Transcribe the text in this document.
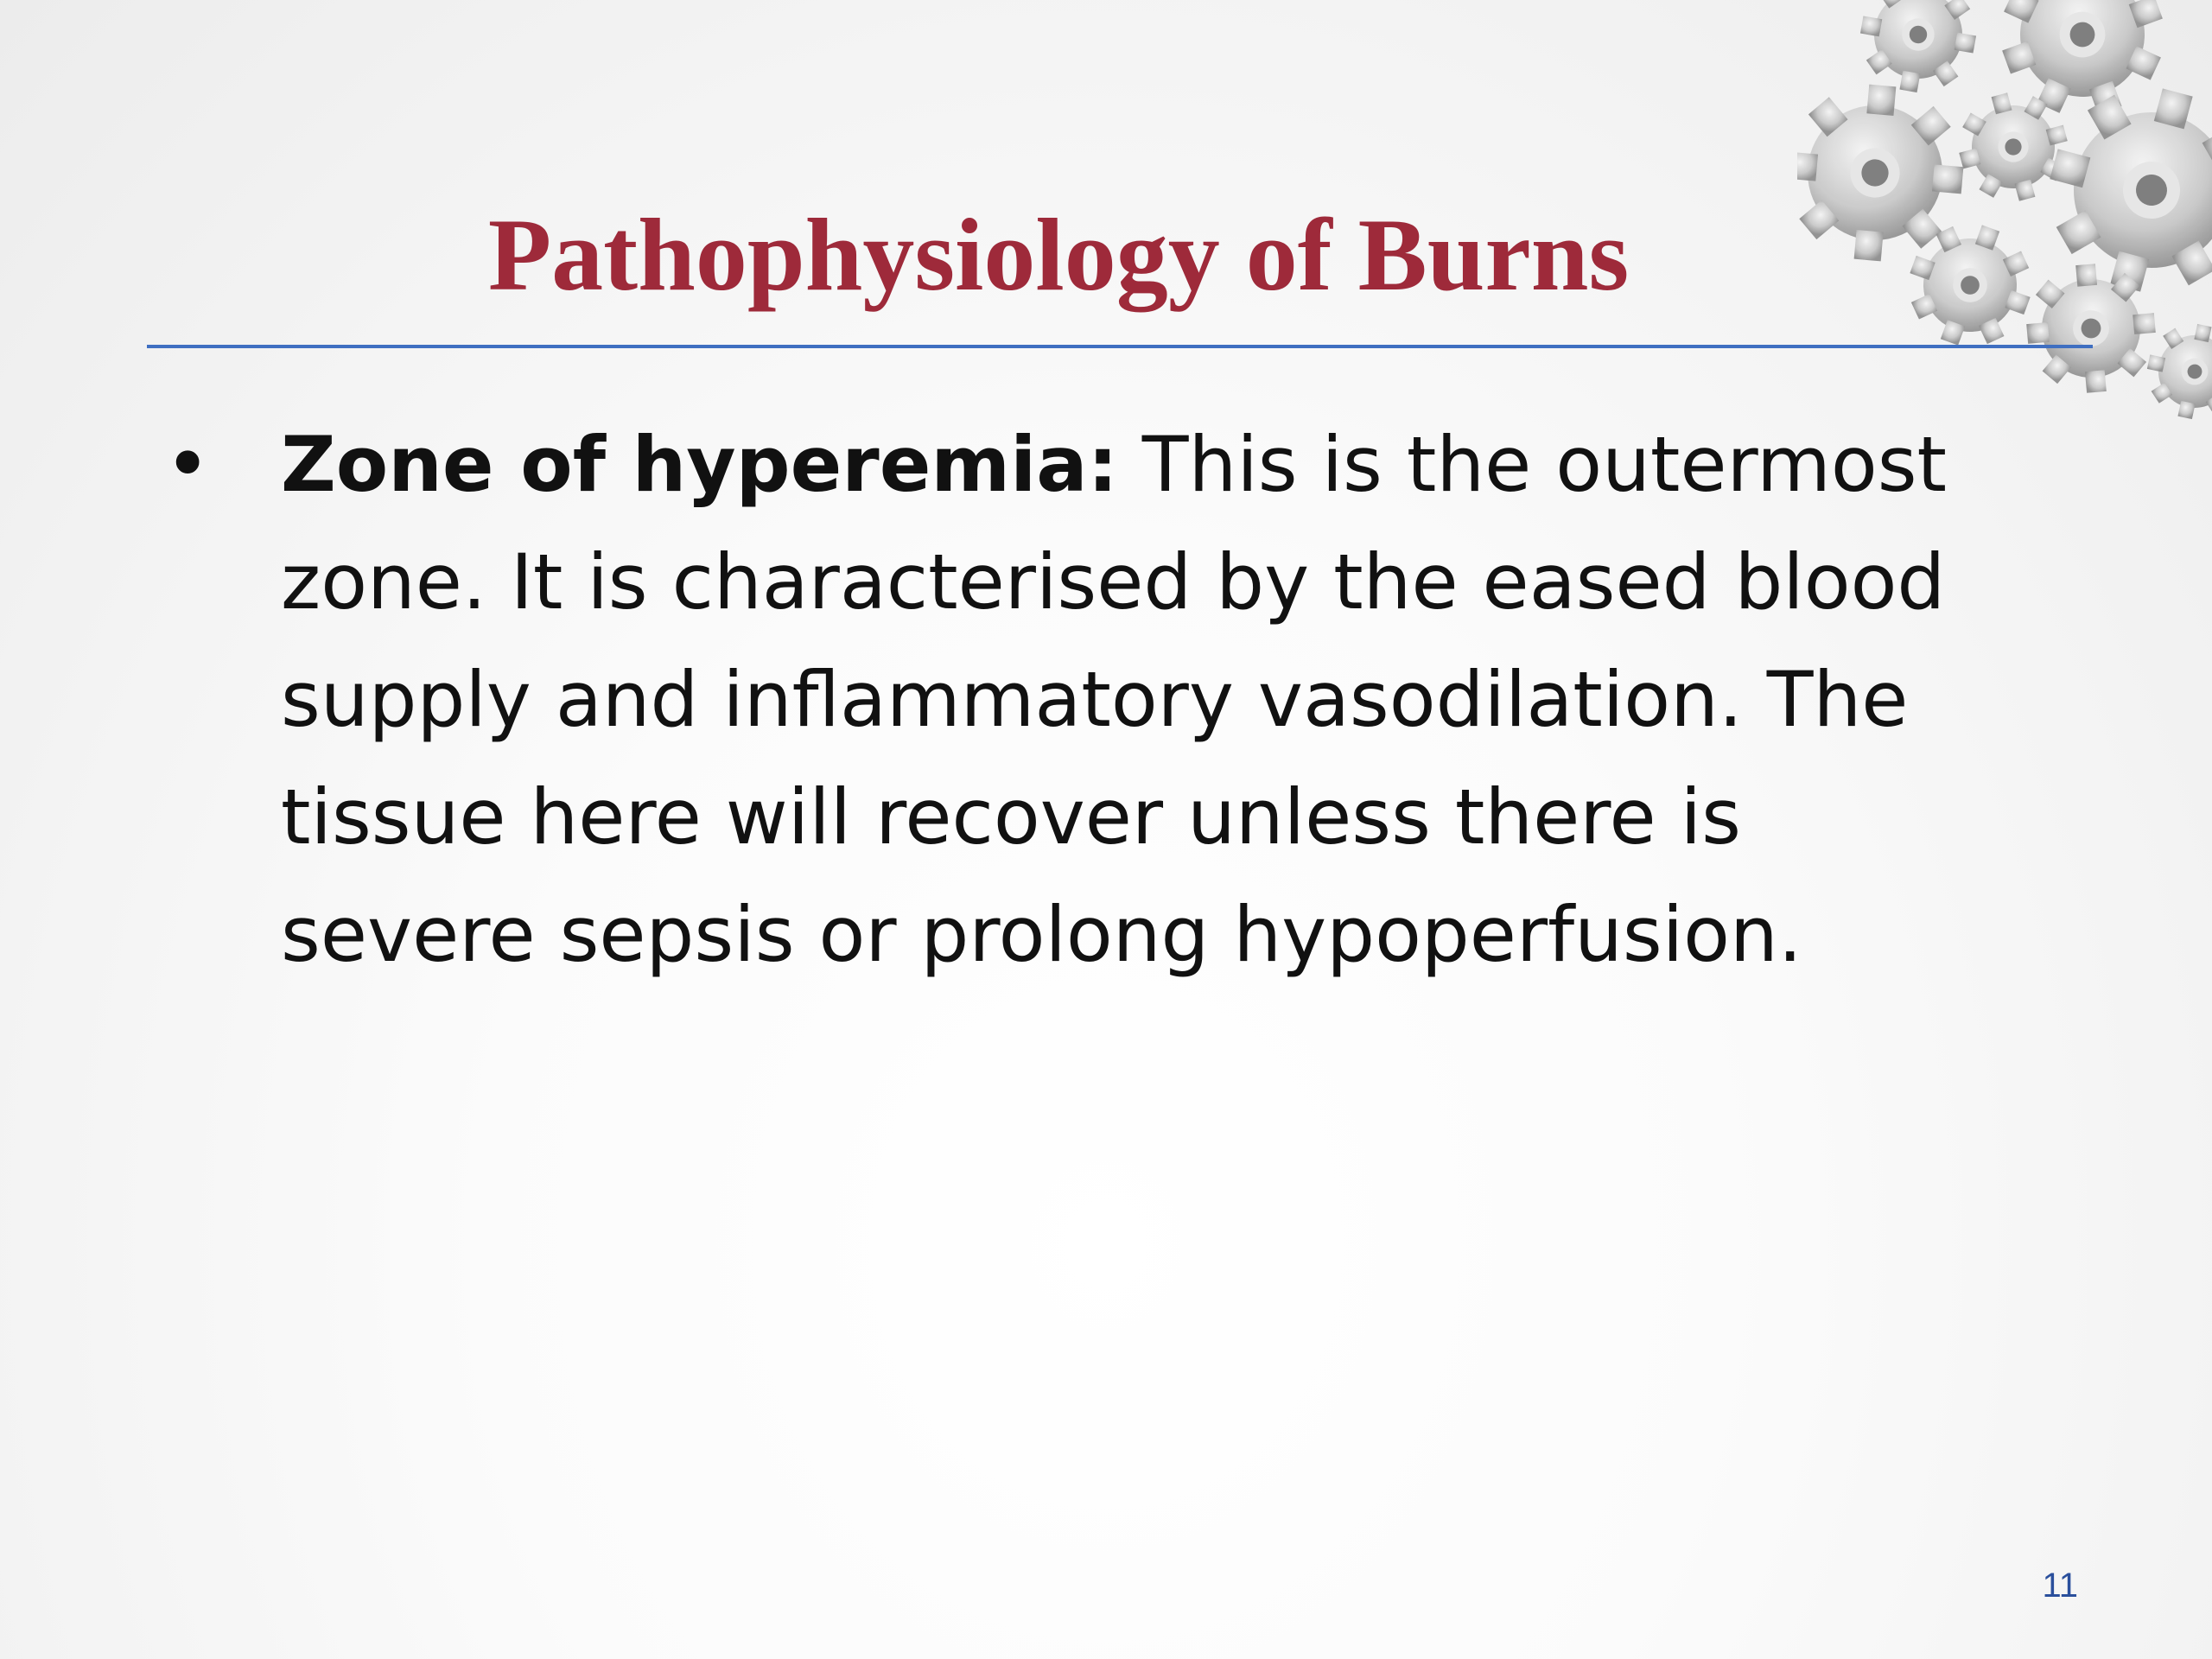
Pathophysiology of Burns
• Zone of hyperemia: This is the outermost zone. It is characterised by the eased blood supply and inflammatory vasodilation. The tissue here will recover unless there is severe sepsis or prolong hypoperfusion.
11
